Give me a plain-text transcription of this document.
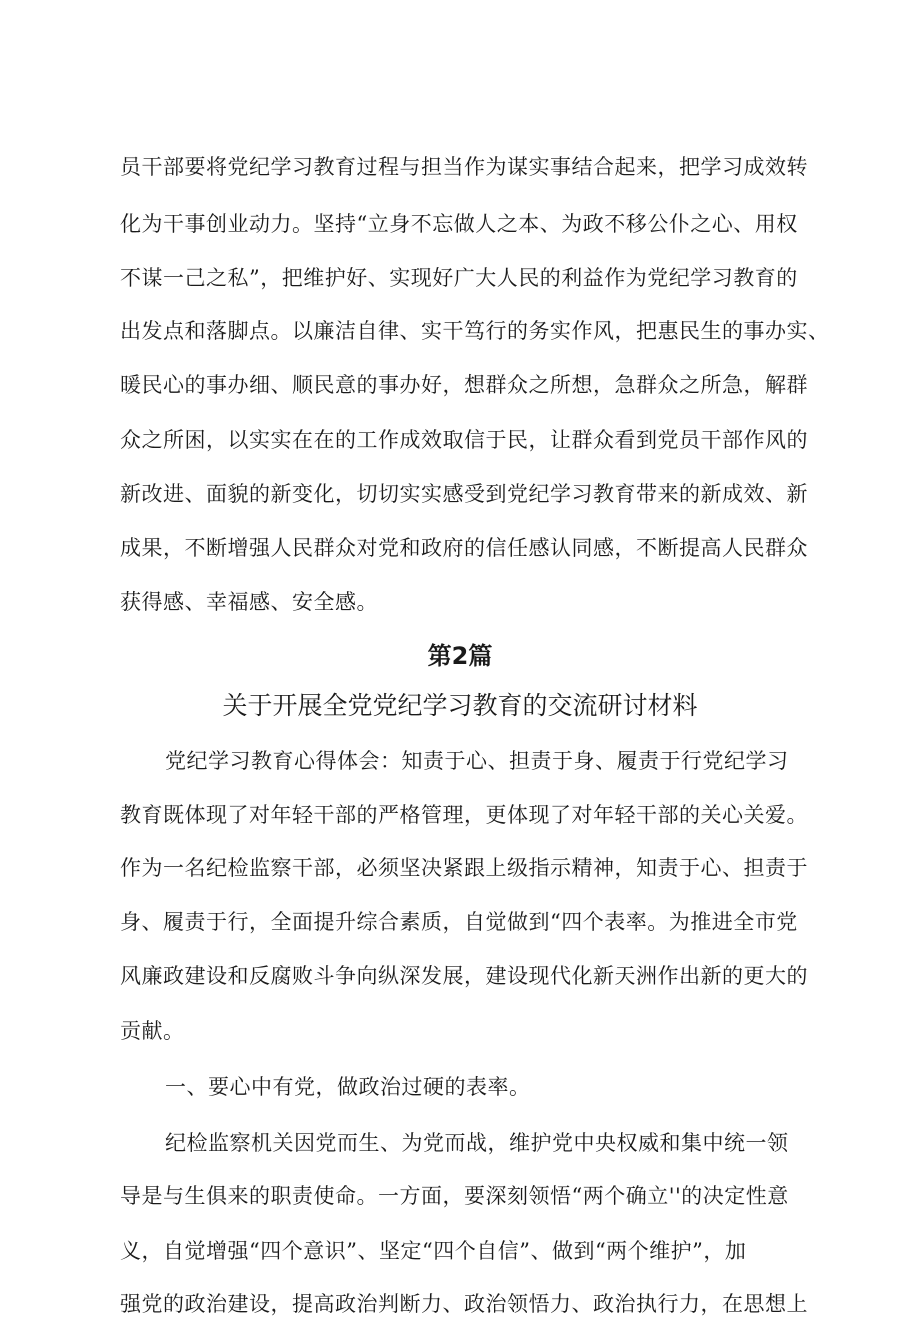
员干部要将党纪学习教育过程与担当作为谋实事结合起来，把学习成效转
化为干事创业动力。坚持“立身不忘做人之本、为政不移公仆之心、用权
不谋一己之私”，把维护好、实现好广大人民的利益作为党纪学习教育的
出发点和落脚点。以廉洁自律、实干笃行的务实作风，把惠民生的事办实、
暖民心的事办细、顺民意的事办好，想群众之所想，急群众之所急，解群
众之所困，以实实在在的工作成效取信于民，让群众看到党员干部作风的
新改进、面貌的新变化，切切实实感受到党纪学习教育带来的新成效、新
成果，不断增强人民群众对党和政府的信任感认同感，不断提高人民群众
获得感、幸福感、安全感。
第2篇
关于开展全党党纪学习教育的交流研讨材料
党纪学习教育心得体会：知责于心、担责于身、履责于行党纪学习
教育既体现了对年轻干部的严格管理，更体现了对年轻干部的关心关爱。
作为一名纪检监察干部，必须坚决紧跟上级指示精神，知责于心、担责于
身、履责于行，全面提升综合素质，自觉做到“四个表率。为推进全市党
风廉政建设和反腐败斗争向纵深发展，建设现代化新天洲作出新的更大的
贡献。
一、要心中有党，做政治过硬的表率。
纪检监察机关因党而生、为党而战，维护党中央权威和集中统一领
导是与生俱来的职责使命。一方面，要深刻领悟“两个确立''的决定性意
义，自觉增强“四个意识”、坚定“四个自信”、做到“两个维护”，加
强党的政治建设，提高政治判断力、政治领悟力、政治执行力，在思想上
